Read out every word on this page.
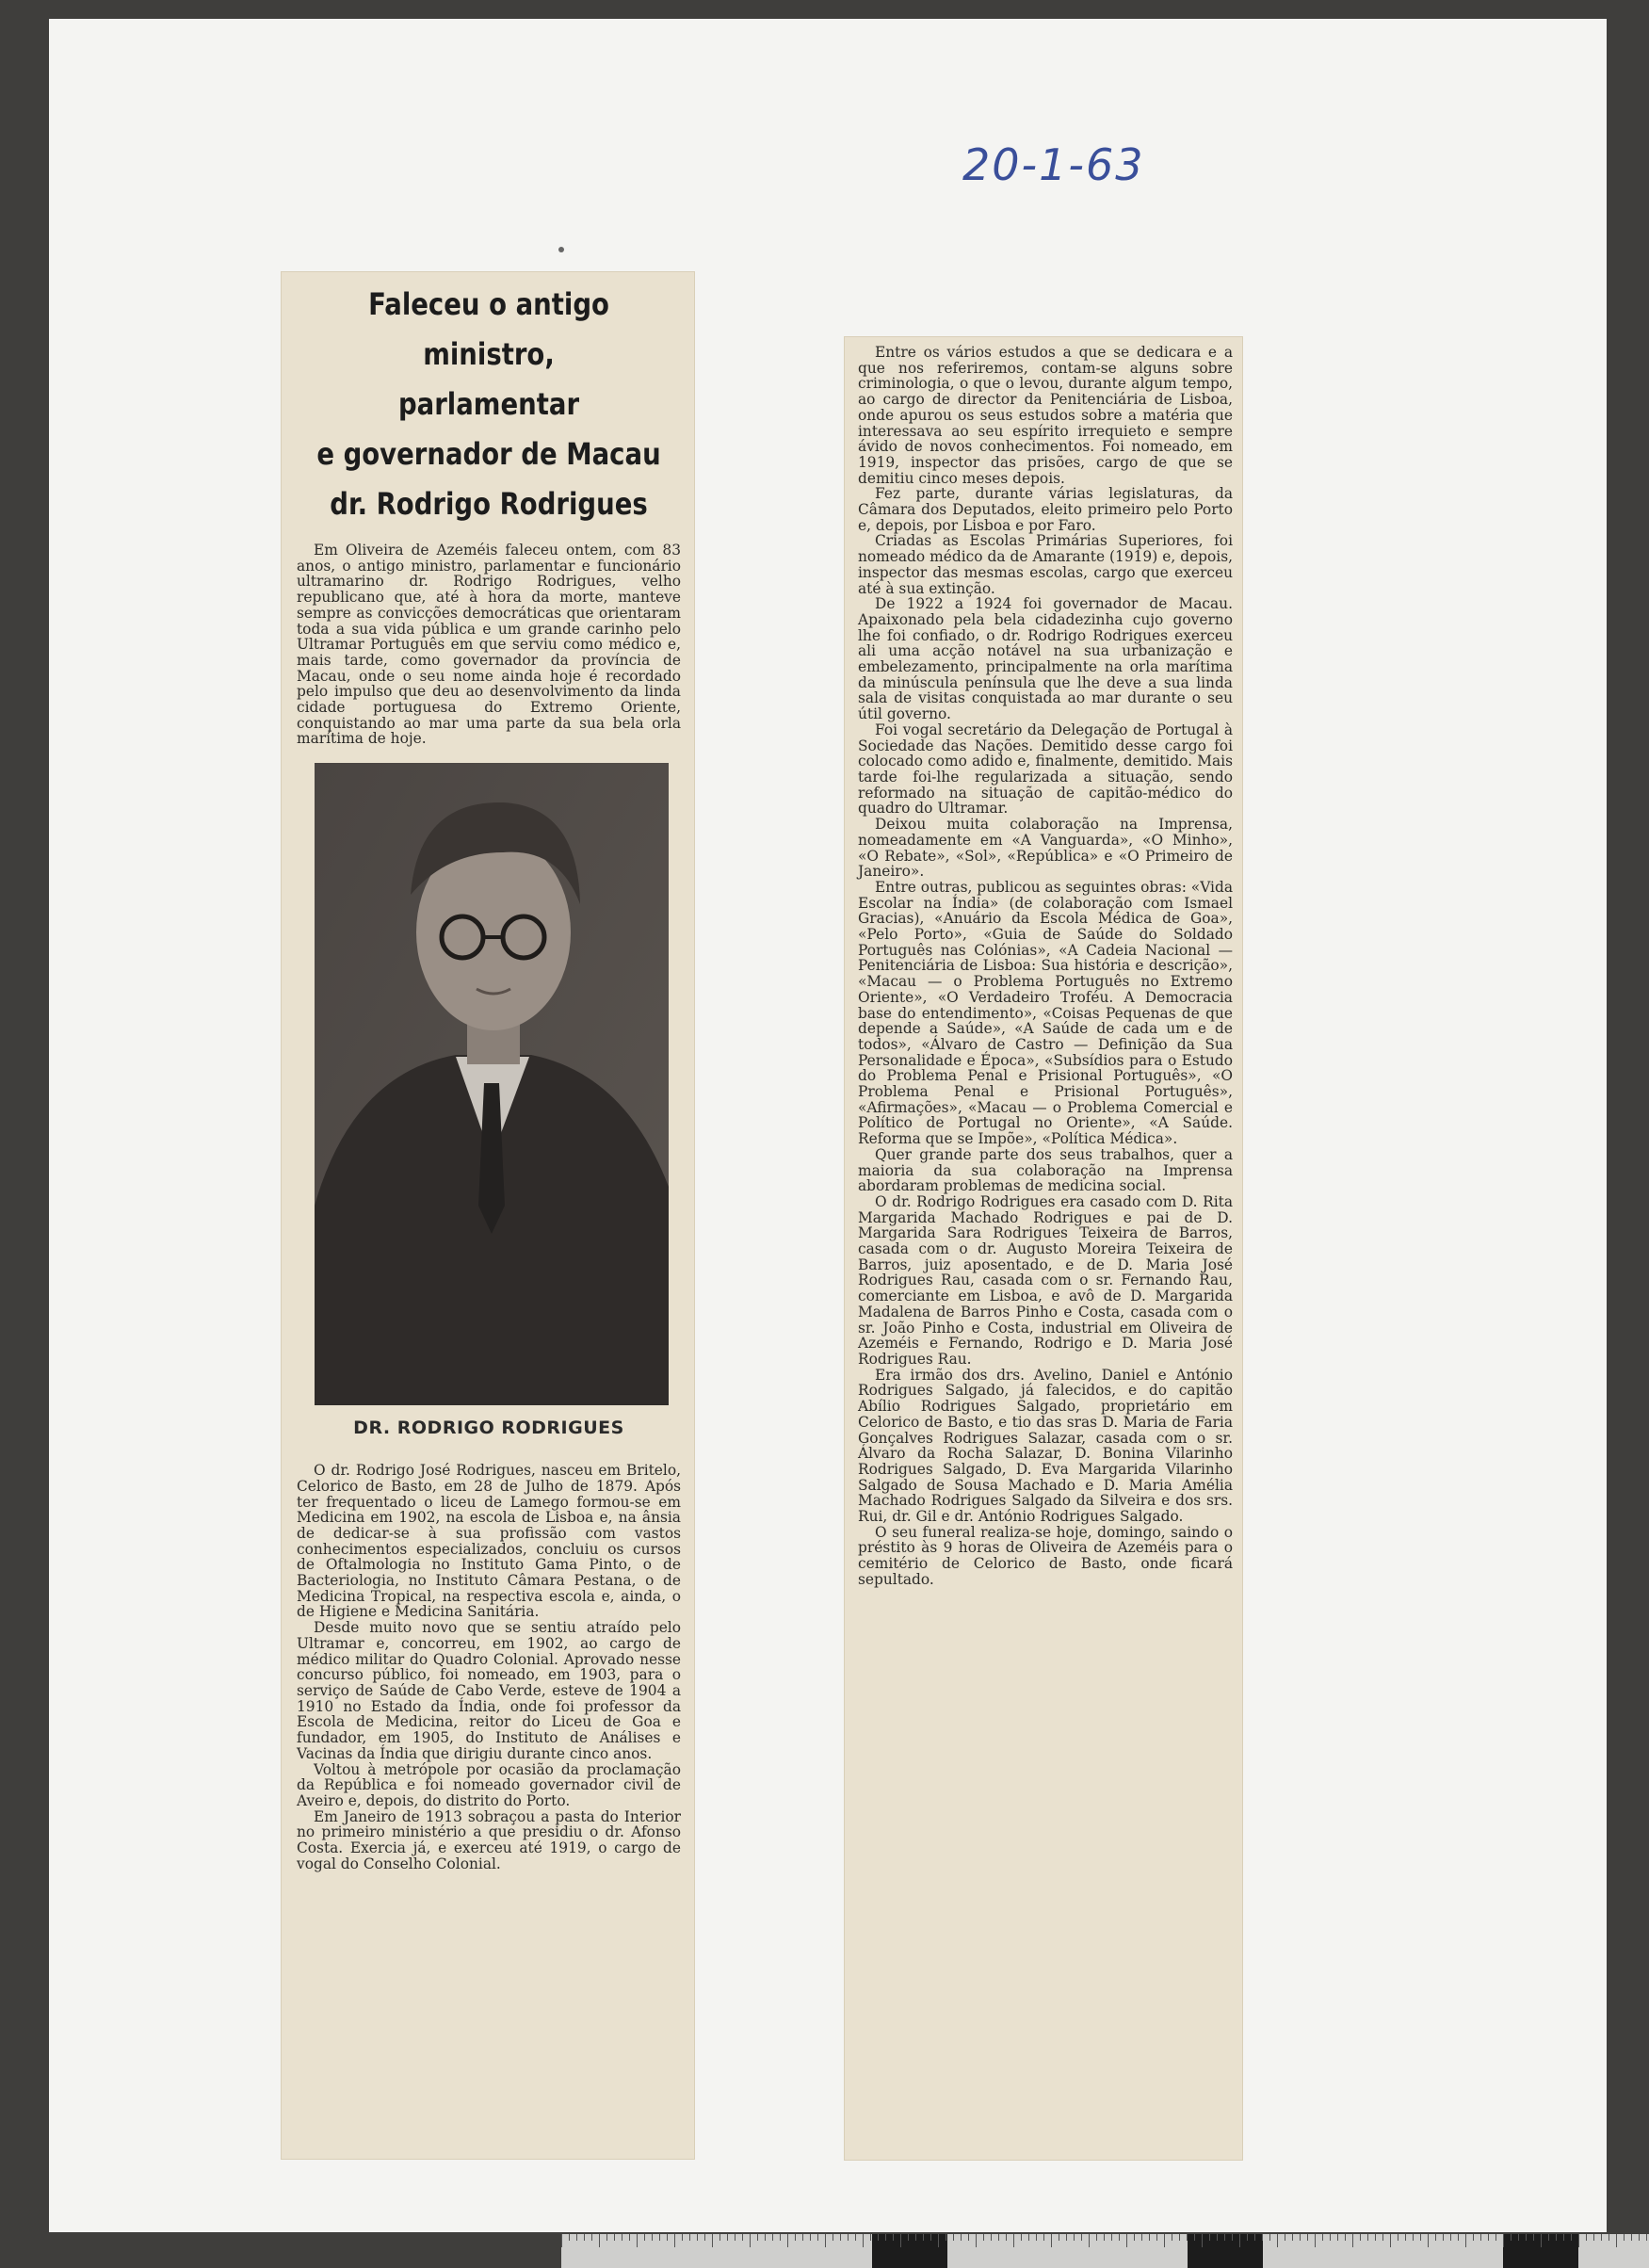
20-1-63
Faleceu o antigo ministro,
parlamentar
e governador de Macau
dr. Rodrigo Rodrigues

Em Oliveira de Azeméis faleceu ontem, com 83 anos, o antigo ministro, parlamentar e funcionário ultramarino dr. Rodrigo Rodrigues, velho republicano que, até à hora da morte, manteve sempre as convicções democráticas que orientaram toda a sua vida pública e um grande carinho pelo Ultramar Português em que serviu como médico e, mais tarde, como governador da província de Macau, onde o seu nome ainda hoje é recordado pelo impulso que deu ao desenvolvimento da linda cidade portuguesa do Extremo Oriente, conquistando ao mar uma parte da sua bela orla marítima de hoje.

DR. RODRIGO RODRIGUES

O dr. Rodrigo José Rodrigues, nasceu em Britelo, Celorico de Basto, em 28 de Julho de 1879. Após ter frequentado o liceu de Lamego formou-se em Medicina em 1902, na escola de Lisboa e, na ânsia de dedicar-se à sua profissão com vastos conhecimentos especializados, concluiu os cursos de Oftalmologia no Instituto Gama Pinto, o de Bacteriologia, no Instituto Câmara Pestana, o de Medicina Tropical, na respectiva escola e, ainda, o de Higiene e Medicina Sanitária.

Desde muito novo que se sentiu atraído pelo Ultramar e, concorreu, em 1902, ao cargo de médico militar do Quadro Colonial. Aprovado nesse concurso público, foi nomeado, em 1903, para o serviço de Saúde de Cabo Verde, esteve de 1904 a 1910 no Estado da Índia, onde foi professor da Escola de Medicina, reitor do Liceu de Goa e fundador, em 1905, do Instituto de Análises e Vacinas da Índia que dirigiu durante cinco anos.

Voltou à metrópole por ocasião da proclamação da República e foi nomeado governador civil de Aveiro e, depois, do distrito do Porto.

Em Janeiro de 1913 sobraçou a pasta do Interior no primeiro ministério a que presidiu o dr. Afonso Costa. Exercia já, e exerceu até 1919, o cargo de vogal do Conselho Colonial.

Entre os vários estudos a que se dedicara e a que nos referiremos, contam-se alguns sobre criminologia, o que o levou, durante algum tempo, ao cargo de director da Penitenciária de Lisboa, onde apurou os seus estudos sobre a matéria que interessava ao seu espírito irrequieto e sempre ávido de novos conhecimentos. Foi nomeado, em 1919, inspector das prisões, cargo de que se demitiu cinco meses depois.

Fez parte, durante várias legislaturas, da Câmara dos Deputados, eleito primeiro pelo Porto e, depois, por Lisboa e por Faro.

Criadas as Escolas Primárias Superiores, foi nomeado médico da de Amarante (1919) e, depois, inspector das mesmas escolas, cargo que exerceu até à sua extinção.

De 1922 a 1924 foi governador de Macau. Apaixonado pela bela cidadezinha cujo governo lhe foi confiado, o dr. Rodrigo Rodrigues exerceu ali uma acção notável na sua urbanização e embelezamento, principalmente na orla marítima da minúscula península que lhe deve a sua linda sala de visitas conquistada ao mar durante o seu útil governo.

Foi vogal secretário da Delegação de Portugal à Sociedade das Nações. Demitido desse cargo foi colocado como adido e, finalmente, demitido. Mais tarde foi-lhe regularizada a situação, sendo reformado na situação de capitão-médico do quadro do Ultramar.

Deixou muita colaboração na Imprensa, nomeadamente em «A Vanguarda», «O Minho», «O Rebate», «Sol», «República» e «O Primeiro de Janeiro».

Entre outras, publicou as seguintes obras: «Vida Escolar na Índia» (de colaboração com Ismael Gracias), «Anuário da Escola Médica de Goa», «Pelo Porto», «Guia de Saúde do Soldado Português nas Colónias», «A Cadeia Nacional — Penitenciária de Lisboa: Sua história e descrição», «Macau — o Problema Português no Extremo Oriente», «O Verdadeiro Troféu. A Democracia base do entendimento», «Coisas Pequenas de que depende a Saúde», «A Saúde de cada um e de todos», «Álvaro de Castro — Definição da Sua Personalidade e Época», «Subsídios para o Estudo do Problema Penal e Prisional Português», «O Problema Penal e Prisional Português», «Afirmações», «Macau — o Problema Comercial e Político de Portugal no Oriente», «A Saúde. Reforma que se Impõe», «Política Médica».

Quer grande parte dos seus trabalhos, quer a maioria da sua colaboração na Imprensa abordaram problemas de medicina social.

O dr. Rodrigo Rodrigues era casado com D. Rita Margarida Machado Rodrigues e pai de D. Margarida Sara Rodrigues Teixeira de Barros, casada com o dr. Augusto Moreira Teixeira de Barros, juiz aposentado, e de D. Maria José Rodrigues Rau, casada com o sr. Fernando Rau, comerciante em Lisboa, e avô de D. Margarida Madalena de Barros Pinho e Costa, casada com o sr. João Pinho e Costa, industrial em Oliveira de Azeméis e Fernando, Rodrigo e D. Maria José Rodrigues Rau.

Era irmão dos drs. Avelino, Daniel e António Rodrigues Salgado, já falecidos, e do capitão Abílio Rodrigues Salgado, proprietário em Celorico de Basto, e tio das sras D. Maria de Faria Gonçalves Rodrigues Salazar, casada com o sr. Álvaro da Rocha Salazar, D. Bonina Vilarinho Rodrigues Salgado, D. Eva Margarida Vilarinho Salgado de Sousa Machado e D. Maria Amélia Machado Rodrigues Salgado da Silveira e dos srs. Rui, dr. Gil e dr. António Rodrigues Salgado.

O seu funeral realiza-se hoje, domingo, saindo o préstito às 9 horas de Oliveira de Azeméis para o cemitério de Celorico de Basto, onde ficará sepultado.
